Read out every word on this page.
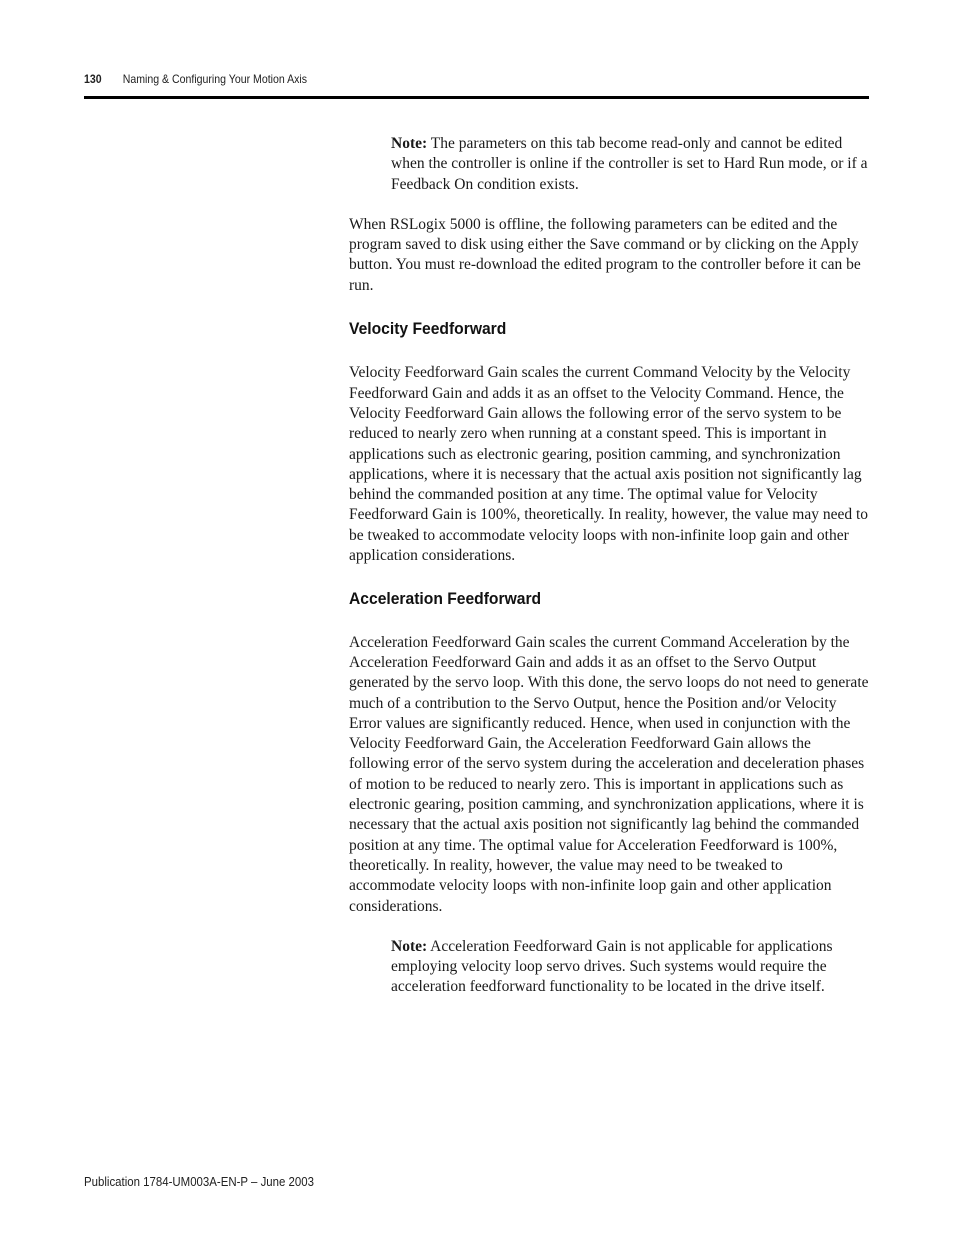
130 Naming & Configuring Your Motion Axis

Note: The parameters on this tab become read-only and cannot be edited when the controller is online if the controller is set to Hard Run mode, or if a Feedback On condition exists.

When RSLogix 5000 is offline, the following parameters can be edited and the program saved to disk using either the Save command or by clicking on the Apply button. You must re-download the edited program to the controller before it can be run.

Velocity Feedforward

Velocity Feedforward Gain scales the current Command Velocity by the Velocity Feedforward Gain and adds it as an offset to the Velocity Command. Hence, the Velocity Feedforward Gain allows the following error of the servo system to be reduced to nearly zero when running at a constant speed. This is important in applications such as electronic gearing, position camming, and synchronization applications, where it is necessary that the actual axis position not significantly lag behind the commanded position at any time. The optimal value for Velocity Feedforward Gain is 100%, theoretically. In reality, however, the value may need to be tweaked to accommodate velocity loops with non-infinite loop gain and other application considerations.

Acceleration Feedforward

Acceleration Feedforward Gain scales the current Command Acceleration by the Acceleration Feedforward Gain and adds it as an offset to the Servo Output generated by the servo loop. With this done, the servo loops do not need to generate much of a contribution to the Servo Output, hence the Position and/or Velocity Error values are significantly reduced. Hence, when used in conjunction with the Velocity Feedforward Gain, the Acceleration Feedforward Gain allows the following error of the servo system during the acceleration and deceleration phases of motion to be reduced to nearly zero. This is important in applications such as electronic gearing, position camming, and synchronization applications, where it is necessary that the actual axis position not significantly lag behind the commanded position at any time. The optimal value for Acceleration Feedforward is 100%, theoretically. In reality, however, the value may need to be tweaked to accommodate velocity loops with non-infinite loop gain and other application considerations.

Note: Acceleration Feedforward Gain is not applicable for applications employing velocity loop servo drives. Such systems would require the acceleration feedforward functionality to be located in the drive itself.

Publication 1784-UM003A-EN-P – June 2003
